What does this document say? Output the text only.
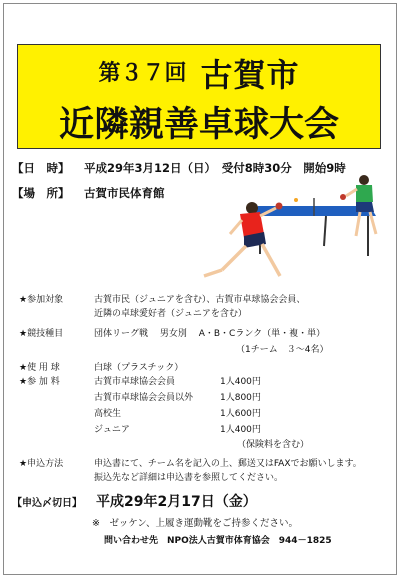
第３７回 古賀市
近隣親善卓球大会
【日　時】 平成29年3月12日（日）　受付8時30分　開始9時
【場　所】 古賀市民体育館
★参加対象	古賀市民（ジュニアを含む）、古賀市卓球協会会員、
近隣の卓球愛好者（ジュニアを含む）
★競技種目	団体リーグ戦　 男女別　 A・B・Cランク（単・複・単）
（1チーム　３～4名）
★使 用 球	白球（プラスチック）
★参 加 料	古賀市卓球協会会員	1人400円
古賀市卓球協会会員以外	1人800円
高校生	1人600円
ジュニア	1人400円
（保険料を含む）
★申込方法	申込書にて、チーム名を記入の上、郵送又はFAXでお願いします。
振込先など詳細は申込書を参照してください。
【申込〆切日】 平成29年2月17日（金）
※　ゼッケン、上履き運動靴をご持参ください。
問い合わせ先　NPO法人古賀市体育協会　944－1825
